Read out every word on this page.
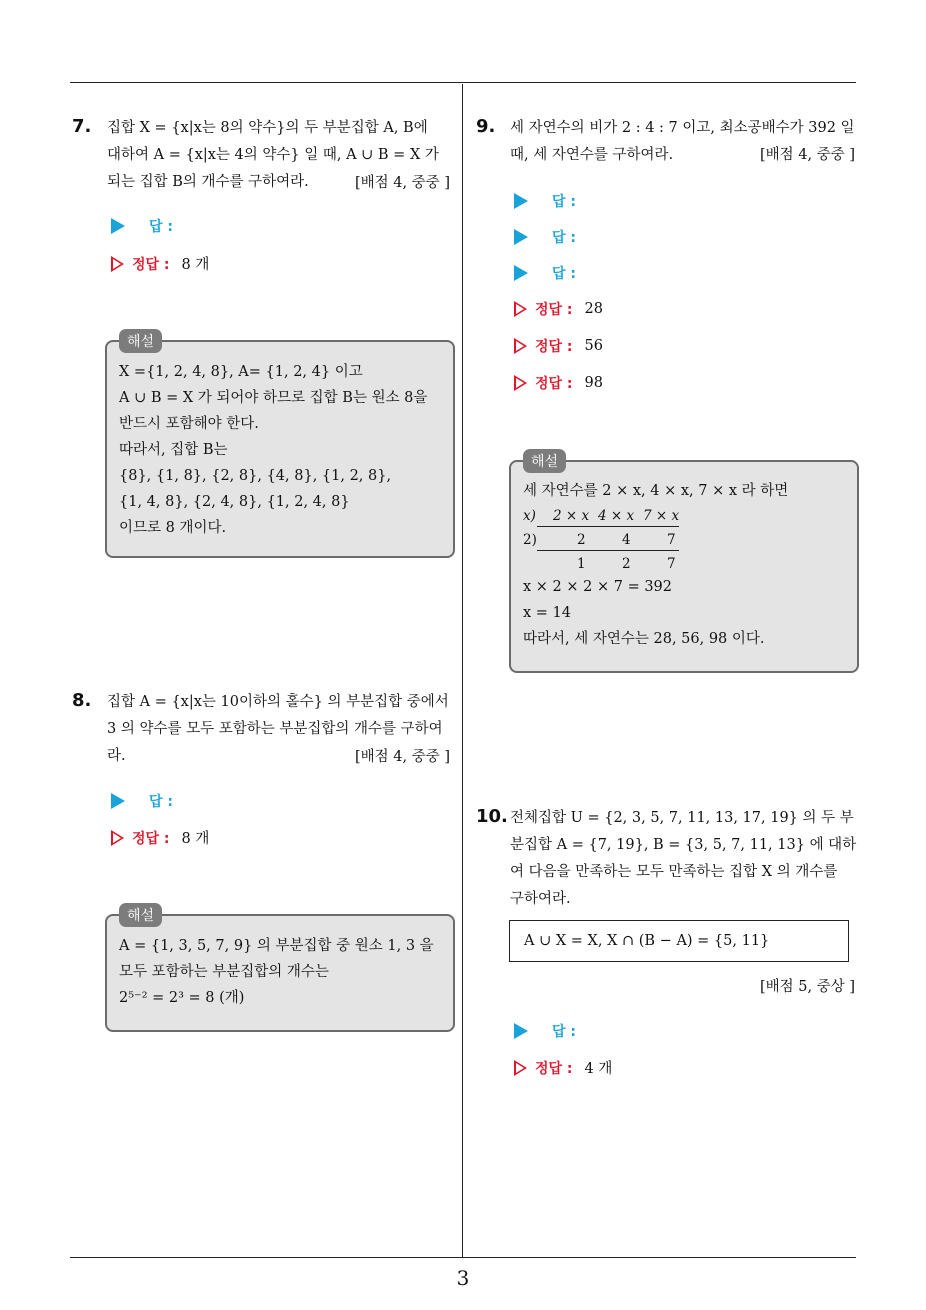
3
7. 집합 X = {x|x는 8의 약수}의 두 부분집합 A, B에
대하여 A = {x|x는 4의 약수} 일 때, A ∪ B = X 가
되는 집합 B의 개수를 구하여라.	[배점 4, 중중 ]
답 :
정답 : 8 개
해설
X ={1, 2, 4, 8}, A= {1, 2, 4} 이고
A ∪ B = X 가 되어야 하므로 집합 B는 원소 8을
반드시 포함해야 한다.
따라서, 집합 B는
{8}, {1, 8}, {2, 8}, {4, 8}, {1, 2, 8},
{1, 4, 8}, {2, 4, 8}, {1, 2, 4, 8}
이므로 8 개이다.
8. 집합 A = {x|x는 10이하의 홀수} 의 부분집합 중에서
3 의 약수를 모두 포함하는 부분집합의 개수를 구하여
라.	[배점 4, 중중 ]
답 :
정답 : 8 개
해설
A = {1, 3, 5, 7, 9} 의 부분집합 중 원소 1, 3 을
모두 포함하는 부분집합의 개수는
2⁵⁻² = 2³ = 8 (개)
9. 세 자연수의 비가 2 : 4 : 7 이고, 최소공배수가 392 일
때, 세 자연수를 구하여라.	[배점 4, 중중 ]
답 :
답 :
답 :
정답 : 28
정답 : 56
정답 : 98
해설
세 자연수를 2 × x, 4 × x, 7 × x 라 하면
x) 2 × x 4 × x 7 × x
2)	2	4	7
1	2	7
x × 2 × 2 × 7 = 392
x = 14
따라서, 세 자연수는 28, 56, 98 이다.
10. 전체집합 U = {2, 3, 5, 7, 11, 13, 17, 19} 의 두 부
분집합 A = {7, 19}, B = {3, 5, 7, 11, 13} 에 대하
여 다음을 만족하는 모두 만족하는 집합 X 의 개수를
구하여라.
A ∪ X = X, X ∩ (B − A) = {5, 11}
[배점 5, 중상 ]
답 :
정답 : 4 개
